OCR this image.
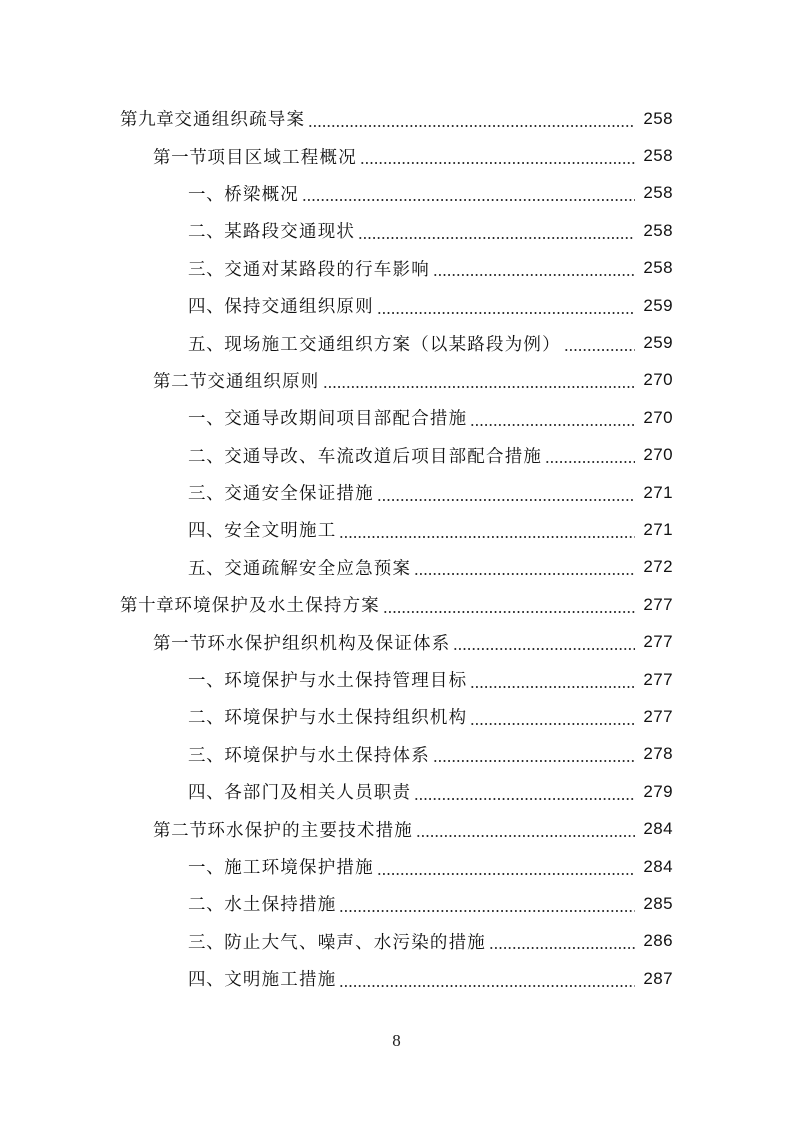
第九章 交通组织疏导案	258
第一节 项目区域工程概况	258
一、 桥梁概况	258
二、 某路段交通现状	258
三、 交通对某路段的行车影响	258
四、 保持交通组织原则	259
五、 现场施工交通组织方案（以某路段为例）	259
第二节 交通组织原则	270
一、 交通导改期间项目部配合措施	270
二、 交通导改、车流改道后项目部配合措施	270
三、 交通安全保证措施	271
四、 安全文明施工	271
五、 交通疏解安全应急预案	272
第十章 环境保护及水土保持方案	277
第一节 环水保护组织机构及保证体系	277
一、 环境保护与水土保持管理目标	277
二、 环境保护与水土保持组织机构	277
三、 环境保护与水土保持体系	278
四、 各部门及相关人员职责	279
第二节 环水保护的主要技术措施	284
一、 施工环境保护措施	284
二、 水土保持措施	285
三、 防止大气、噪声、水污染的措施	286
四、 文明施工措施	287
8
